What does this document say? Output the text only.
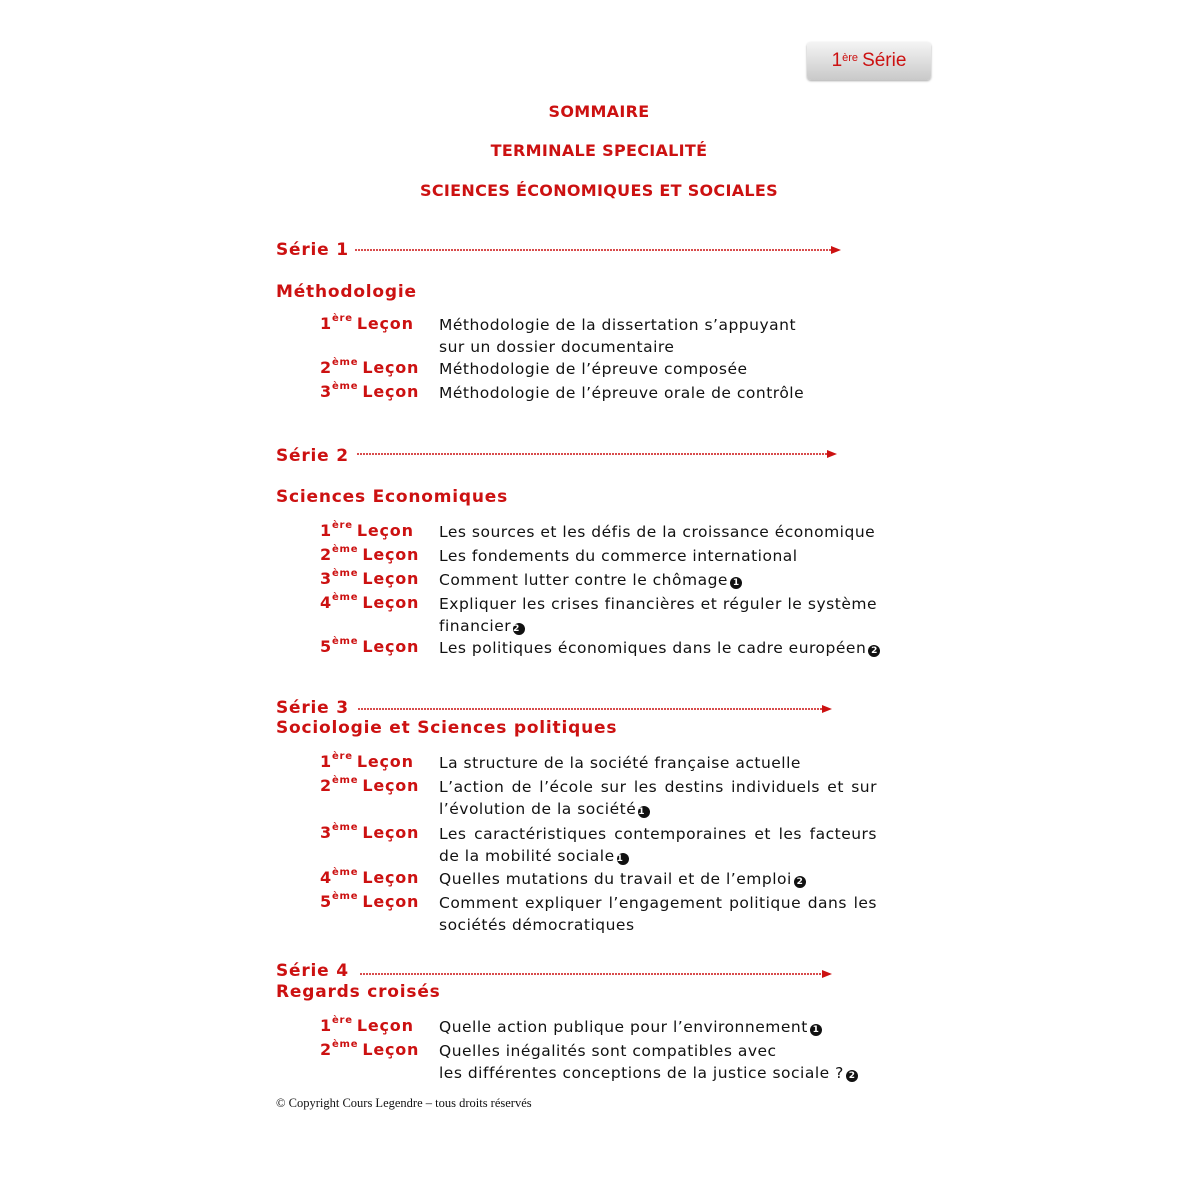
1ère Série
SOMMAIRE
TERMINALE SPECIALITÉ
SCIENCES ÉCONOMIQUES ET SOCIALES
Série 1
Méthodologie
1ère Leçon Méthodologie de la dissertation s’appuyant
sur un dossier documentaire
2ème Leçon Méthodologie de l’épreuve composée
3ème Leçon Méthodologie de l’épreuve orale de contrôle
Série 2
Sciences Economiques
1ère Leçon Les sources et les défis de la croissance économique
2ème Leçon Les fondements du commerce international
3ème Leçon Comment lutter contre le chômage 1
4ème Leçon Expliquer les crises financières et réguler le système financier 2
5ème Leçon Les politiques économiques dans le cadre européen 2
Série 3
Sociologie et Sciences politiques
1ère Leçon La structure de la société française actuelle
2ème Leçon L’action de l’école sur les destins individuels et sur l’évolution de la société 1
3ème Leçon Les caractéristiques contemporaines et les facteurs de la mobilité sociale 1
4ème Leçon Quelles mutations du travail et de l’emploi 2
5ème Leçon Comment expliquer l’engagement politique dans les sociétés démocratiques
Série 4
Regards croisés
1ère Leçon Quelle action publique pour l’environnement 1
2ème Leçon Quelles inégalités sont compatibles avec
les différentes conceptions de la justice sociale ? 2
© Copyright Cours Legendre – tous droits réservés
